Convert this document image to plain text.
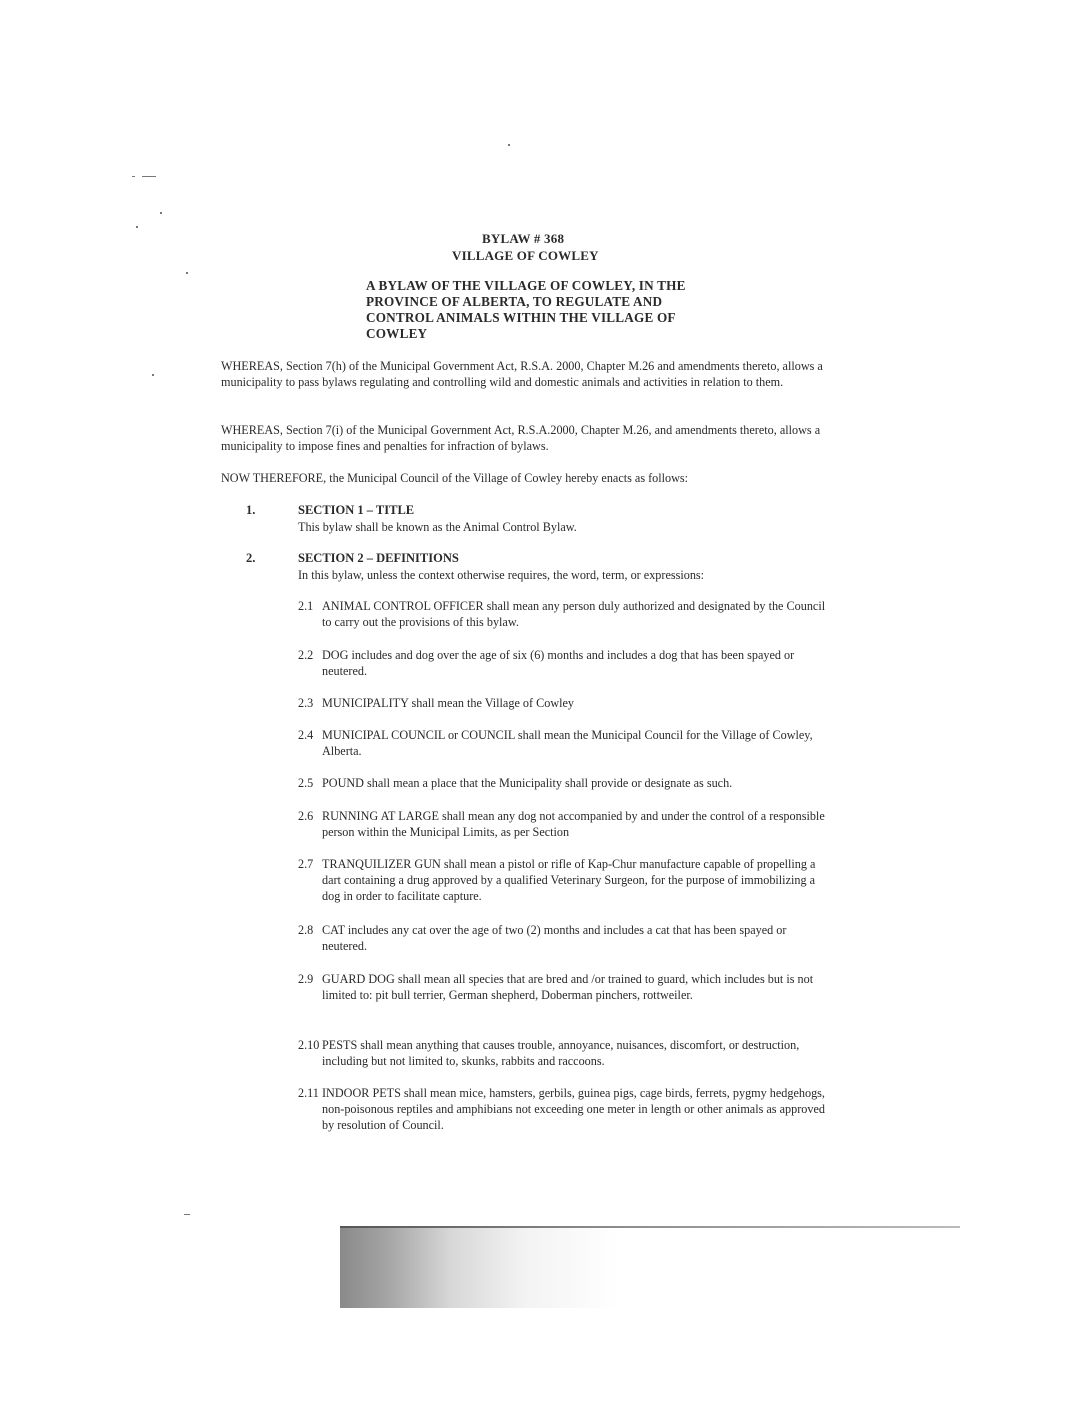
BYLAW # 368
VILLAGE OF COWLEY
A BYLAW OF THE VILLAGE OF COWLEY, IN THE PROVINCE OF ALBERTA, TO REGULATE AND CONTROL ANIMALS WITHIN THE VILLAGE OF COWLEY
WHEREAS, Section 7(h) of the Municipal Government Act, R.S.A. 2000, Chapter M.26 and amendments thereto, allows a municipality to pass bylaws regulating and controlling wild and domestic animals and activities in relation to them.
WHEREAS, Section 7(i) of the Municipal Government Act, R.S.A.2000, Chapter M.26, and amendments thereto, allows a municipality to impose fines and penalties for infraction of bylaws.
NOW THEREFORE, the Municipal Council of the Village of Cowley hereby enacts as follows:
1.	SECTION 1 – TITLE
This bylaw shall be known as the Animal Control Bylaw.
2.	SECTION 2 – DEFINITIONS
In this bylaw, unless the context otherwise requires, the word, term, or expressions:
2.1 ANIMAL CONTROL OFFICER shall mean any person duly authorized and designated by the Council to carry out the provisions of this bylaw.
2.2 DOG includes and dog over the age of six (6) months and includes a dog that has been spayed or neutered.
2.3 MUNICIPALITY shall mean the Village of Cowley
2.4 MUNICIPAL COUNCIL or COUNCIL shall mean the Municipal Council for the Village of Cowley, Alberta.
2.5 POUND shall mean a place that the Municipality shall provide or designate as such.
2.6 RUNNING AT LARGE shall mean any dog not accompanied by and under the control of a responsible person within the Municipal Limits, as per Section
2.7 TRANQUILIZER GUN shall mean a pistol or rifle of Kap-Chur manufacture capable of propelling a dart containing a drug approved by a qualified Veterinary Surgeon, for the purpose of immobilizing a dog in order to facilitate capture.
2.8 CAT includes any cat over the age of two (2) months and includes a cat that has been spayed or neutered.
2.9 GUARD DOG shall mean all species that are bred and /or trained to guard, which includes but is not limited to: pit bull terrier, German shepherd, Doberman pinchers, rottweiler.
2.10 PESTS shall mean anything that causes trouble, annoyance, nuisances, discomfort, or destruction, including but not limited to, skunks, rabbits and raccoons.
2.11 INDOOR PETS shall mean mice, hamsters, gerbils, guinea pigs, cage birds, ferrets, pygmy hedgehogs, non-poisonous reptiles and amphibians not exceeding one meter in length or other animals as approved by resolution of Council.
